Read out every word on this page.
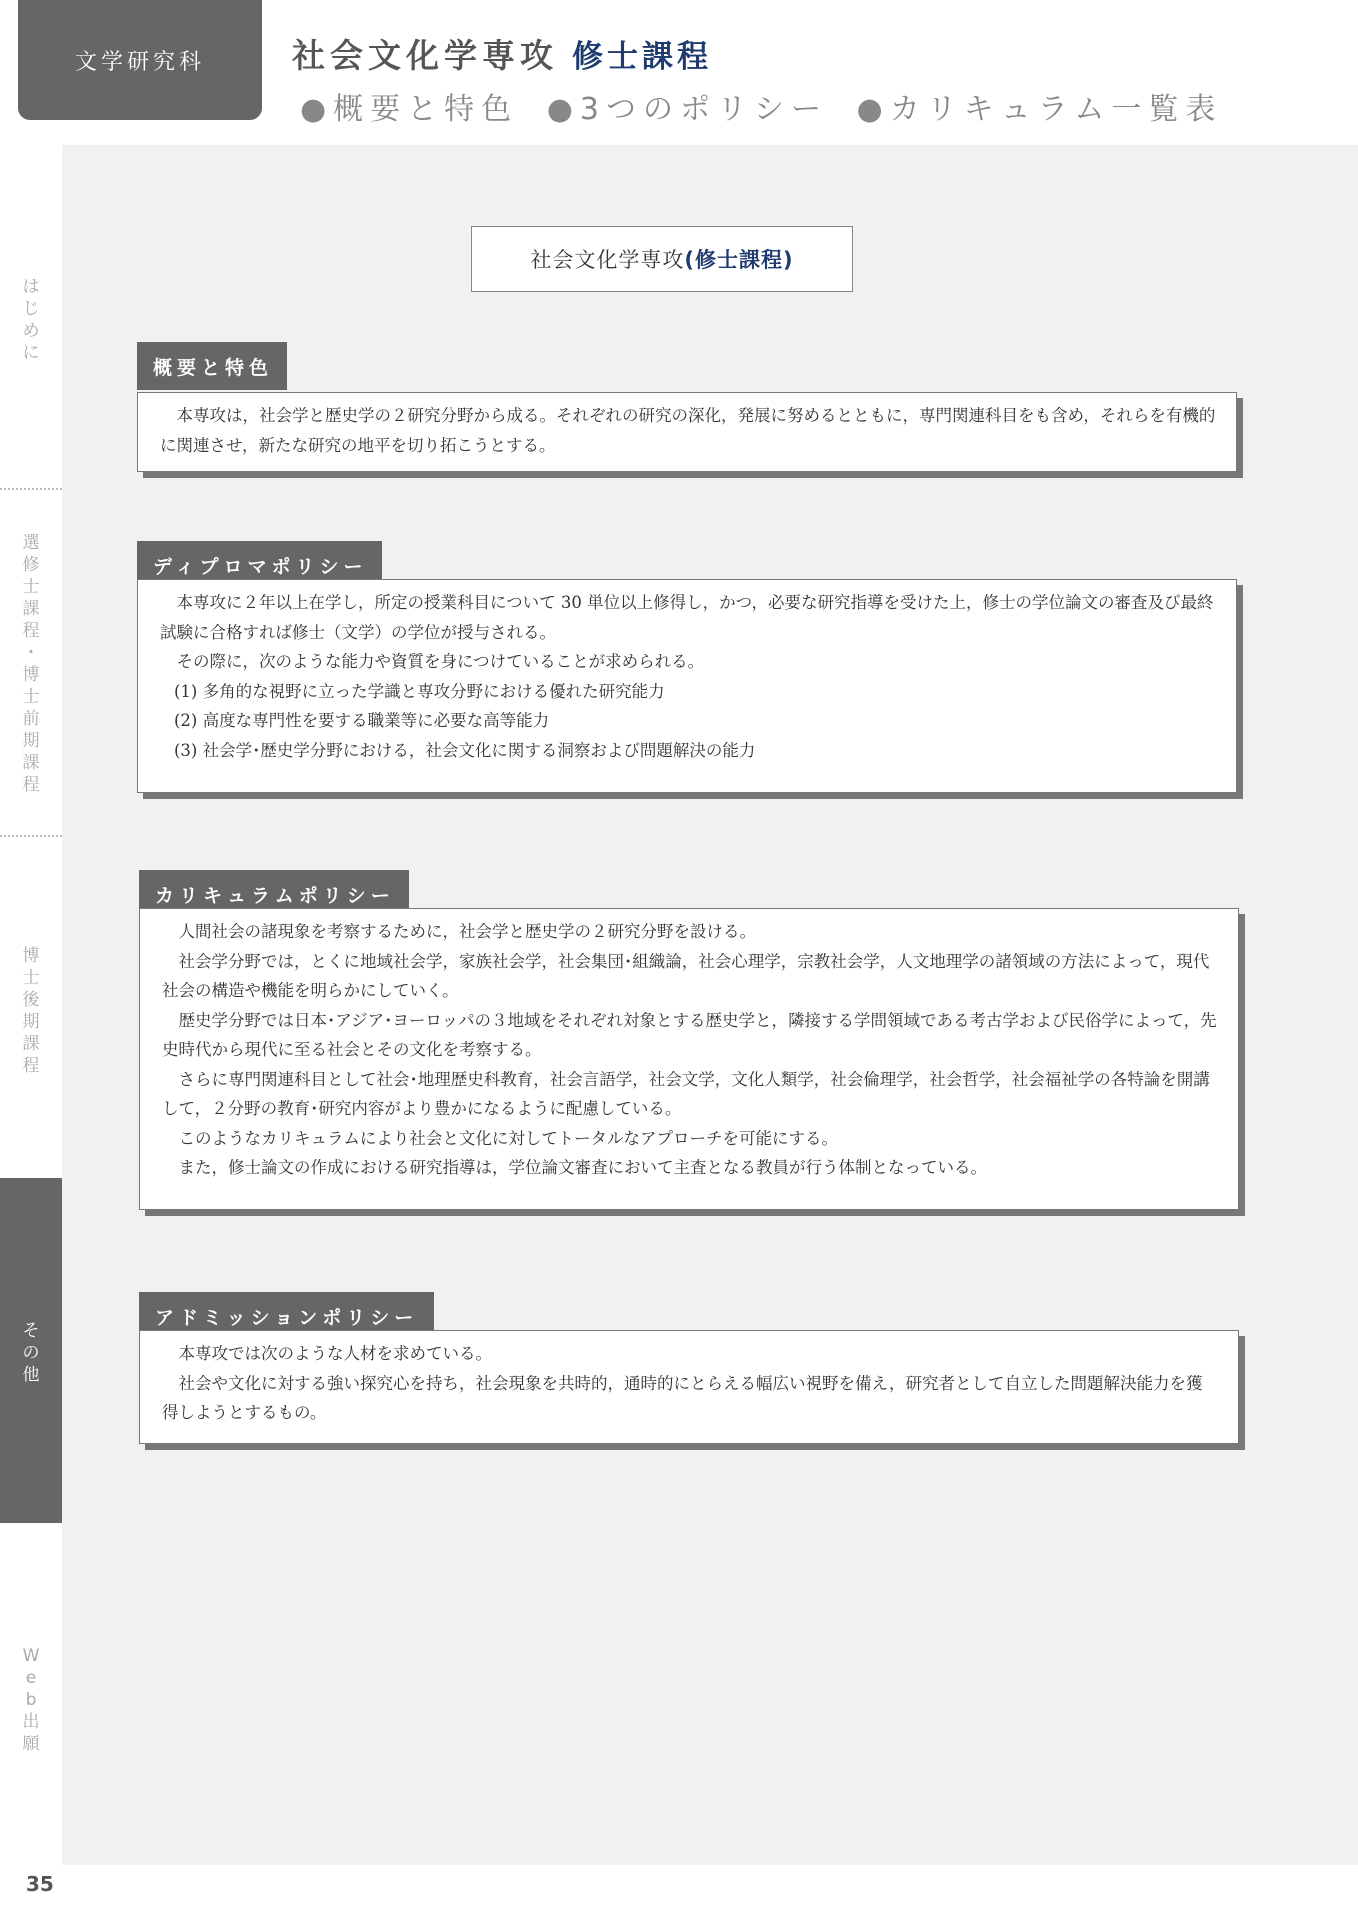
文学研究科	社会文化学専攻 修士課程
●概要と特色 ●3つのポリシー ●カリキュラム一覧表
は
じ
め
に
選
修
士
課
程
・
博
士
前
期
課
程
博
士
後
期
課
程
そ
の
他
W
e
b
出
願
35
社会文化学専攻 (修士課程)
概要と特色

本専攻は，社会学と歴史学の２研究分野から成る。それぞれの研究の深化，発展に努めるとともに，専門関連科目をも含め，それらを有機的に関連させ，新たな研究の地平を切り拓こうとする。

ディプロマポリシー

本専攻に２年以上在学し，所定の授業科目について 30 単位以上修得し，かつ，必要な研究指導を受けた上，修士の学位論文の審査及び最終試験に合格すれば修士（文学）の学位が授与される。

その際に，次のような能力や資質を身につけていることが求められる。

(1) 多角的な視野に立った学識と専攻分野における優れた研究能力

(2) 高度な専門性を要する職業等に必要な高等能力

(3) 社会学･歴史学分野における，社会文化に関する洞察および問題解決の能力

カリキュラムポリシー

人間社会の諸現象を考察するために，社会学と歴史学の２研究分野を設ける。

社会学分野では，とくに地域社会学，家族社会学，社会集団･組織論，社会心理学，宗教社会学，人文地理学の諸領域の方法によって，現代社会の構造や機能を明らかにしていく。

歴史学分野では日本･アジア･ヨーロッパの３地域をそれぞれ対象とする歴史学と，隣接する学問領域である考古学および民俗学によって，先史時代から現代に至る社会とその文化を考察する。

さらに専門関連科目として社会･地理歴史科教育，社会言語学，社会文学，文化人類学，社会倫理学，社会哲学，社会福祉学の各特論を開講して，２分野の教育･研究内容がより豊かになるように配慮している。

このようなカリキュラムにより社会と文化に対してトータルなアプローチを可能にする。

また，修士論文の作成における研究指導は，学位論文審査において主査となる教員が行う体制となっている。

アドミッションポリシー

本専攻では次のような人材を求めている。

社会や文化に対する強い探究心を持ち，社会現象を共時的，通時的にとらえる幅広い視野を備え，研究者として自立した問題解決能力を獲得しようとするもの。
